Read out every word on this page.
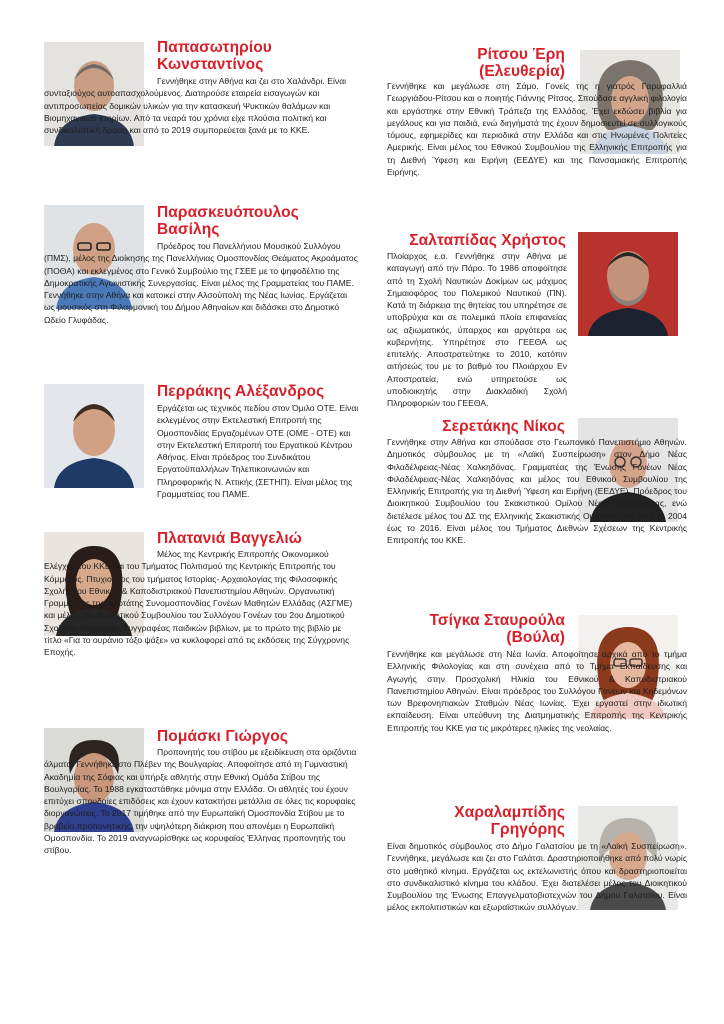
Παπασωτηρίου Κωνσταντίνος

Γεννήθηκε στην Αθήνα και ζει στο Χαλάνδρι. Είναι συνταξιούχος αυτοαπασχολούμενος. Διατηρούσε εταιρεία εισαγωγών και αντιπροσωπείας δομικών υλικών για την κατασκευή Ψυκτικών θαλάμων και Βιομηχανικών κτηρίων. Από τα νεαρά του χρόνια είχε πλούσια πολιτική και συνδικαλιστική δράση και από το 2019 συμπορεύεται ξανά με το ΚΚΕ.

Παρασκευόπουλος Βασίλης

Πρόεδρος του Πανελλήνιου Μουσικού Συλλόγου (ΠΜΣ), μέλος της Διοίκησης της Πανελλήνιας Ομοσπονδίας Θεάματος Ακροάματος (ΠΟΘΑ) και εκλεγμένος στο Γενικό Συμβούλιο της ΓΣΕΕ με το ψηφοδέλτιο της Δημοκρατικής Αγωνιστικής Συνεργασίας. Είναι μέλος της Γραμματείας του ΠΑΜΕ. Γεννήθηκε στην Αθήνα και κατοικεί στην Αλσούπολη της Νέας Ιωνίας. Εργάζεται ως μουσικός στη Φιλαρμονική του Δήμου Αθηναίων και διδάσκει στο Δημοτικό Ωδείο Γλυφάδας.

Περράκης Αλέξανδρος

Εργάζεται ως τεχνικός πεδίου στον Όμιλο ΟΤΕ. Είναι εκλεγμένος στην Εκτελεστική Επιτροπή της Ομοσπονδίας Εργαζομένων ΟΤΕ (ΟΜΕ - ΟΤΕ) και στην Εκτελεστική Επιτροπή του Εργατικού Κέντρου Αθήνας. Είναι πρόεδρος του Συνδικάτου Εργατοϋπαλλήλων Τηλεπικοινωνιών και Πληροφορικής Ν. Αττικής (ΣΕΤΗΠ). Είναι μέλος της Γραμματείας του ΠΑΜΕ.

Πλατανιά Βαγγελιώ

Μέλος της Κεντρικής Επιτροπής Οικονομικού Ελέγχου του ΚΚΕ και του Τμήματος Πολιτισμού της Κεντρικής Επιτροπής του Κόμματος. Πτυχιούχος του τμήματος Ιστορίας- Αρχαιολογίας της Φιλοσοφικής Σχολής του Εθνικού & Καποδιστριακού Πανεπιστημίου Αθηνών. Οργανωτική Γραμματέας της Ανωτάτης Συνομοσπονδίας Γονέων Μαθητών Ελλάδας (ΑΣΓΜΕ) και μέλος του Διοικητικού Συμβουλίου του Συλλόγου Γονέων του 2ου Δημοτικού Σχολείου Χολαργού. Συγγραφέας παιδικών βιβλίων, με το πρώτο της βιβλίο με τίτλο «Για το ουράνιο τόξο ψάξε» να κυκλοφορεί από τις εκδόσεις της Σύγχρονης Εποχής.

Πομάσκι Γιώργος

Προπονητής του στίβου με εξειδίκευση στα οριζόντια άλματα. Γεννήθηκε στο Πλέβεν της Βουλγαρίας. Αποφοίτησε από τη Γυμναστική Ακαδημία της Σόφιας και υπήρξε αθλητής στην Εθνική Ομάδα Στίβου της Βουλγαρίας. Το 1988 εγκαταστάθηκε μόνιμα στην Ελλάδα. Οι αθλητές του έχουν επιτύχει σπουδαίες επιδόσεις και έχουν κατακτήσει μετάλλια σε όλες τις κορυφαίες διοργανώσεις. Το 2017 τιμήθηκε από την Ευρωπαϊκή Ομοσπονδία Στίβου με το βραβείο προπονητικής, την υψηλότερη διάκριση που απονέμει η Ευρωπαϊκή Ομοσπονδία. Το 2019 αναγνωρίσθηκε ως κορυφαίος Έλληνας προπονητής του στίβου.

Ρίτσου Έρη (Ελευθερία)

Γεννήθηκε και μεγάλωσε στη Σάμο. Γονείς της η γιατρός Γαρυφαλλιά Γεωργιάδου-Ρίτσου και ο ποιητής Γιάννης Ρίτσος. Σπούδασε αγγλική φιλολογία και εργάστηκε στην Εθνική Τράπεζα της Ελλάδος. Έχει εκδώσει βιβλία για μεγάλους και για παιδιά, ενώ διηγήματά της έχουν δημοσιευτεί σε συλλογικούς τόμους, εφημερίδες και περιοδικά στην Ελλάδα και στις Ηνωμένες Πολιτείες Αμερικής. Είναι μέλος του Εθνικού Συμβουλίου της Ελληνικής Επιτροπής για τη Διεθνή Ύφεση και Ειρήνη (ΕΕΔΥΕ) και της Πανσαμιακής Επιτροπής Ειρήνης.

Σαλταπίδας Χρήστος

Πλοίαρχος ε.α. Γεννήθηκε στην Αθήνα με καταγωγή από την Πάρο. Το 1986 αποφοίτησε από τη Σχολή Ναυτικών Δοκίμων ως μάχιμος Σημαιοφόρος του Πολεμικού Ναυτικού (ΠΝ). Κατά τη διάρκεια της θητείας του υπηρέτησε σε υποβρύχια και σε πολεμικά πλοία επιφανείας ως αξιωματικός, ύπαρχος και αργότερα ως κυβερνήτης. Υπηρέτησε στο ΓΕΕΘΑ ως επιτελής. Αποστρατεύτηκε το 2010, κατόπιν αιτήσεώς του με το βαθμό του Πλοιάρχου Εν Αποστρατεία, ενώ υπηρετούσε ως υποδιοικητής στην Διακλαδική Σχολή Πληροφοριών του ΓΕΕΘΑ.

Σερετάκης Νίκος

Γεννήθηκε στην Αθήνα και σπούδασε στο Γεωπονικό Πανεπιστήμιο Αθηνών. Δημοτικός σύμβουλος με τη «Λαϊκή Συσπείρωση» στον Δήμο Νέας Φιλαδέλφειας-Νέας Χαλκηδόνας. Γραμματέας της Ένωσης Γονέων Νέας Φιλαδέλφειας-Νέας Χαλκηδόνας και μέλος του Εθνικού Συμβουλίου της Ελληνικής Επιτροπής για τη Διεθνή Ύφεση και Ειρήνη (ΕΕΔΥΕ). Πρόεδρος του Διοικητικού Συμβουλίου του Σκακιστικού Ομίλου Νέας Φιλαδέλφειας, ενώ διετέλεσε μέλος του ΔΣ της Ελληνικής Σκακιστικής Ομοσπονδίας από το 2004 έως το 2016. Είναι μέλος του Τμήματος Διεθνών Σχέσεων της Κεντρικής Επιτροπής του ΚΚΕ.

Τσίγκα Σταυρούλα (Βούλα)

Γεννήθηκε και μεγάλωσε στη Νέα Ιωνία. Αποφοίτησε αρχικά από το τμήμα Ελληνικής Φιλολογίας και στη συνέχεια από το Τμήμα Εκπαίδευσης και Αγωγής στην Προσχολική Ηλικία του Εθνικού & Καποδιστριακού Πανεπιστημίου Αθηνών. Είναι πρόεδρος του Συλλόγου Γονέων και Κηδεμόνων των Βρεφονηπιακών Σταθμών Νέας Ιωνίας. Έχει εργαστεί στην ιδιωτική εκπαίδευση. Είναι υπεύθυνη της Διατμηματικής Επιτροπής της Κεντρικής Επιτροπής του ΚΚΕ για τις μικρότερες ηλικίες της νεολαίας.

Χαραλαμπίδης Γρηγόρης

Είναι δημοτικός σύμβουλος στο Δήμο Γαλατσίου με τη «Λαϊκή Συσπείρωση». Γεννήθηκε, μεγάλωσε και ζει στο Γαλάτσι. Δραστηριοποιήθηκε από πολύ νωρίς στο μαθητικό κίνημα. Εργάζεται ως εκτελωνιστής όπου και δραστηριοποιείται στο συνδικαλιστικό κίνημα του κλάδου. Έχει διατελέσει μέλος του Διοικητικού Συμβουλίου της Ένωσης Επαγγελματοβιοτεχνών του Δήμου Γαλατσίου. Είναι μέλος εκπολιτιστικών και εξωραϊστικών συλλόγων.
